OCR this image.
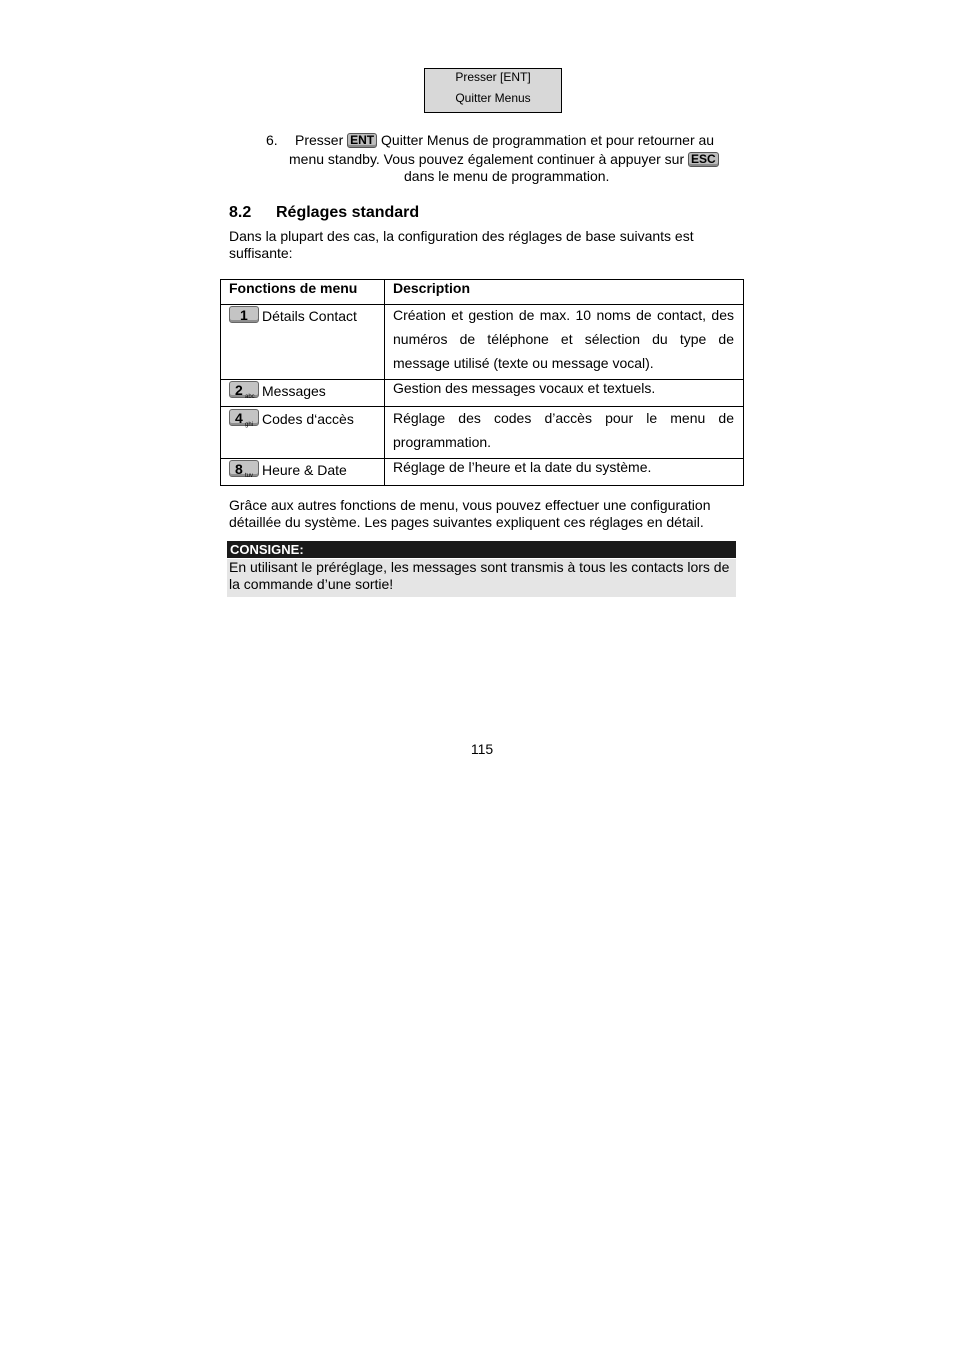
Presser [ENT]
Quitter Menus
6. Presser ENT Quitter Menus de programmation et pour retourner au
menu standby. Vous pouvez également continuer à appuyer sur ESC
dans le menu de programmation.
8.2 Réglages standard
Dans la plupart des cas, la configuration des réglages de base suivants est suffisante:
Fonctions de menu	Description

1 Détails Contact	Création et gestion de max. 10 noms de contact, des numéros de téléphone et sélection du type de message utilisé (texte ou message vocal).

2 abc Messages	Gestion des messages vocaux et textuels.

4 ghi Codes d‘accès	Réglage des codes d’accès pour le menu de programmation.

8 tuv Heure & Date	Réglage de l’heure et la date du système.
Grâce aux autres fonctions de menu, vous pouvez effectuer une configuration détaillée du système. Les pages suivantes expliquent ces réglages en détail.
CONSIGNE:
En utilisant le préréglage, les messages sont transmis à tous les contacts lors de la commande d’une sortie!
115
